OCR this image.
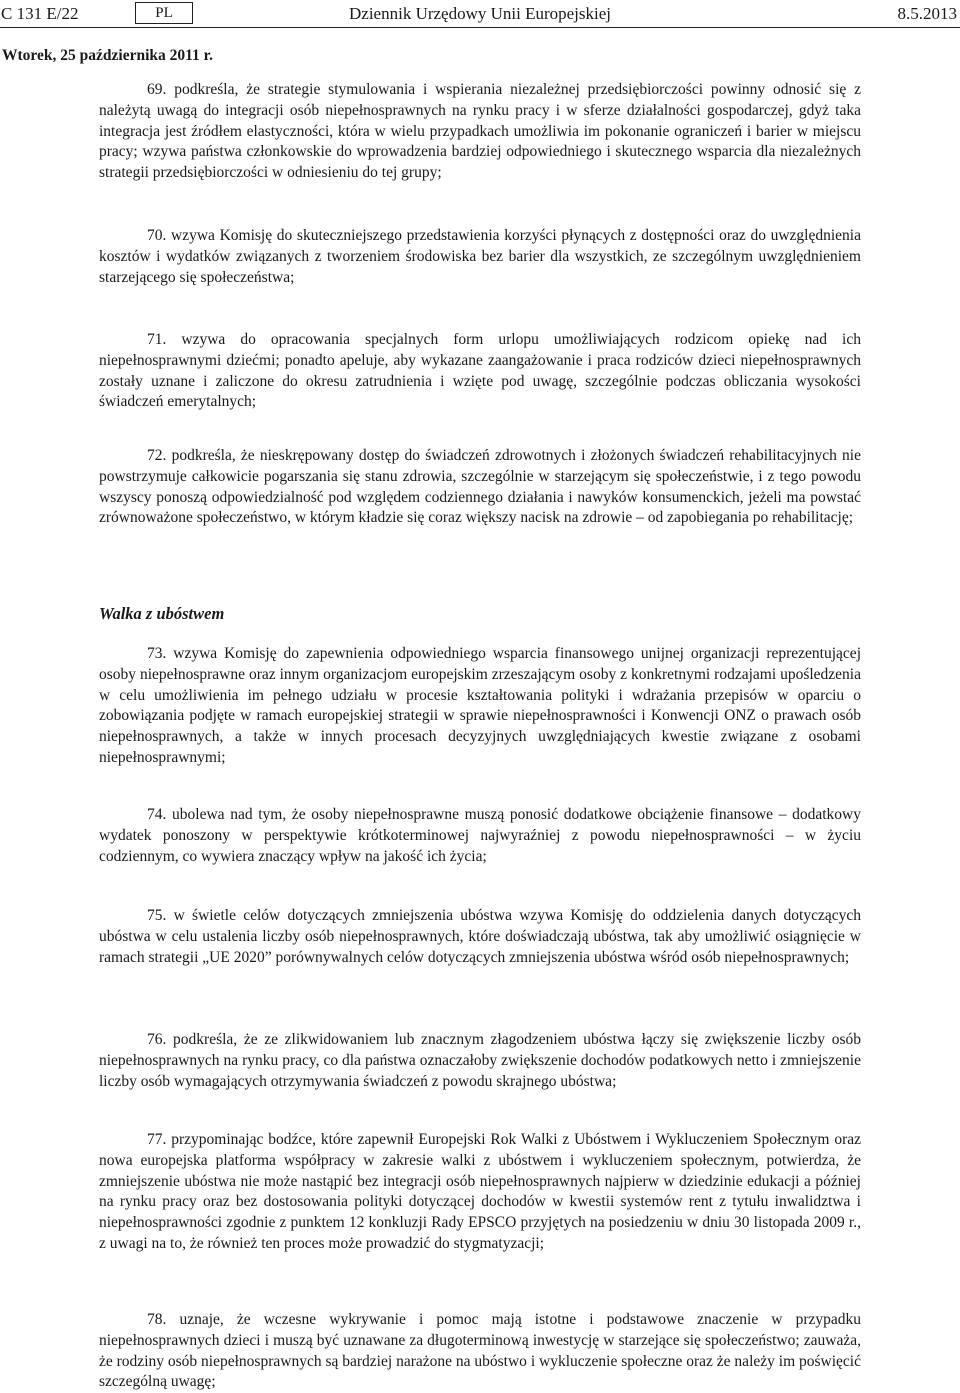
C 131 E/22	PL	Dziennik Urzędowy Unii Europejskiej	8.5.2013
Wtorek, 25 października 2011 r.
69. podkreśla, że strategie stymulowania i wspierania niezależnej przedsiębiorczości powinny odnosić się z należytą uwagą do integracji osób niepełnosprawnych na rynku pracy i w sferze działalności gospodarczej, gdyż taka integracja jest źródłem elastyczności, która w wielu przypadkach umożliwia im pokonanie ograniczeń i barier w miejscu pracy; wzywa państwa członkowskie do wprowadzenia bardziej odpowiedniego i skutecznego wsparcia dla niezależnych strategii przedsiębiorczości w odniesieniu do tej grupy;
70. wzywa Komisję do skuteczniejszego przedstawienia korzyści płynących z dostępności oraz do uwzględnienia kosztów i wydatków związanych z tworzeniem środowiska bez barier dla wszystkich, ze szczególnym uwzględnieniem starzejącego się społeczeństwa;
71. wzywa do opracowania specjalnych form urlopu umożliwiających rodzicom opiekę nad ich niepełnosprawnymi dziećmi; ponadto apeluje, aby wykazane zaangażowanie i praca rodziców dzieci niepełnosprawnych zostały uznane i zaliczone do okresu zatrudnienia i wzięte pod uwagę, szczególnie podczas obliczania wysokości świadczeń emerytalnych;
72. podkreśla, że nieskrępowany dostęp do świadczeń zdrowotnych i złożonych świadczeń rehabilitacyjnych nie powstrzymuje całkowicie pogarszania się stanu zdrowia, szczególnie w starzejącym się społeczeństwie, i z tego powodu wszyscy ponoszą odpowiedzialność pod względem codziennego działania i nawyków konsumenckich, jeżeli ma powstać zrównoważone społeczeństwo, w którym kładzie się coraz większy nacisk na zdrowie – od zapobiegania po rehabilitację;
Walka z ubóstwem
73. wzywa Komisję do zapewnienia odpowiedniego wsparcia finansowego unijnej organizacji reprezentującej osoby niepełnosprawne oraz innym organizacjom europejskim zrzeszającym osoby z konkretnymi rodzajami upośledzenia w celu umożliwienia im pełnego udziału w procesie kształtowania polityki i wdrażania przepisów w oparciu o zobowiązania podjęte w ramach europejskiej strategii w sprawie niepełnosprawności i Konwencji ONZ o prawach osób niepełnosprawnych, a także w innych procesach decyzyjnych uwzględniających kwestie związane z osobami niepełnosprawnymi;
74. ubolewa nad tym, że osoby niepełnosprawne muszą ponosić dodatkowe obciążenie finansowe – dodatkowy wydatek ponoszony w perspektywie krótkoterminowej najwyraźniej z powodu niepełnosprawności – w życiu codziennym, co wywiera znaczący wpływ na jakość ich życia;
75. w świetle celów dotyczących zmniejszenia ubóstwa wzywa Komisję do oddzielenia danych dotyczących ubóstwa w celu ustalenia liczby osób niepełnosprawnych, które doświadczają ubóstwa, tak aby umożliwić osiągnięcie w ramach strategii „UE 2020” porównywalnych celów dotyczących zmniejszenia ubóstwa wśród osób niepełnosprawnych;
76. podkreśla, że ze zlikwidowaniem lub znacznym złagodzeniem ubóstwa łączy się zwiększenie liczby osób niepełnosprawnych na rynku pracy, co dla państwa oznaczałoby zwiększenie dochodów podatkowych netto i zmniejszenie liczby osób wymagających otrzymywania świadczeń z powodu skrajnego ubóstwa;
77. przypominając bodźce, które zapewnił Europejski Rok Walki z Ubóstwem i Wykluczeniem Społecznym oraz nowa europejska platforma współpracy w zakresie walki z ubóstwem i wykluczeniem społecznym, potwierdza, że zmniejszenie ubóstwa nie może nastąpić bez integracji osób niepełnosprawnych najpierw w dziedzinie edukacji a później na rynku pracy oraz bez dostosowania polityki dotyczącej dochodów w kwestii systemów rent z tytułu inwalidztwa i niepełnosprawności zgodnie z punktem 12 konkluzji Rady EPSCO przyjętych na posiedzeniu w dniu 30 listopada 2009 r., z uwagi na to, że również ten proces może prowadzić do stygmatyzacji;
78. uznaje, że wczesne wykrywanie i pomoc mają istotne i podstawowe znaczenie w przypadku niepełnosprawnych dzieci i muszą być uznawane za długoterminową inwestycję w starzejące się społeczeństwo; zauważa, że rodziny osób niepełnosprawnych są bardziej narażone na ubóstwo i wykluczenie społeczne oraz że należy im poświęcić szczególną uwagę;
